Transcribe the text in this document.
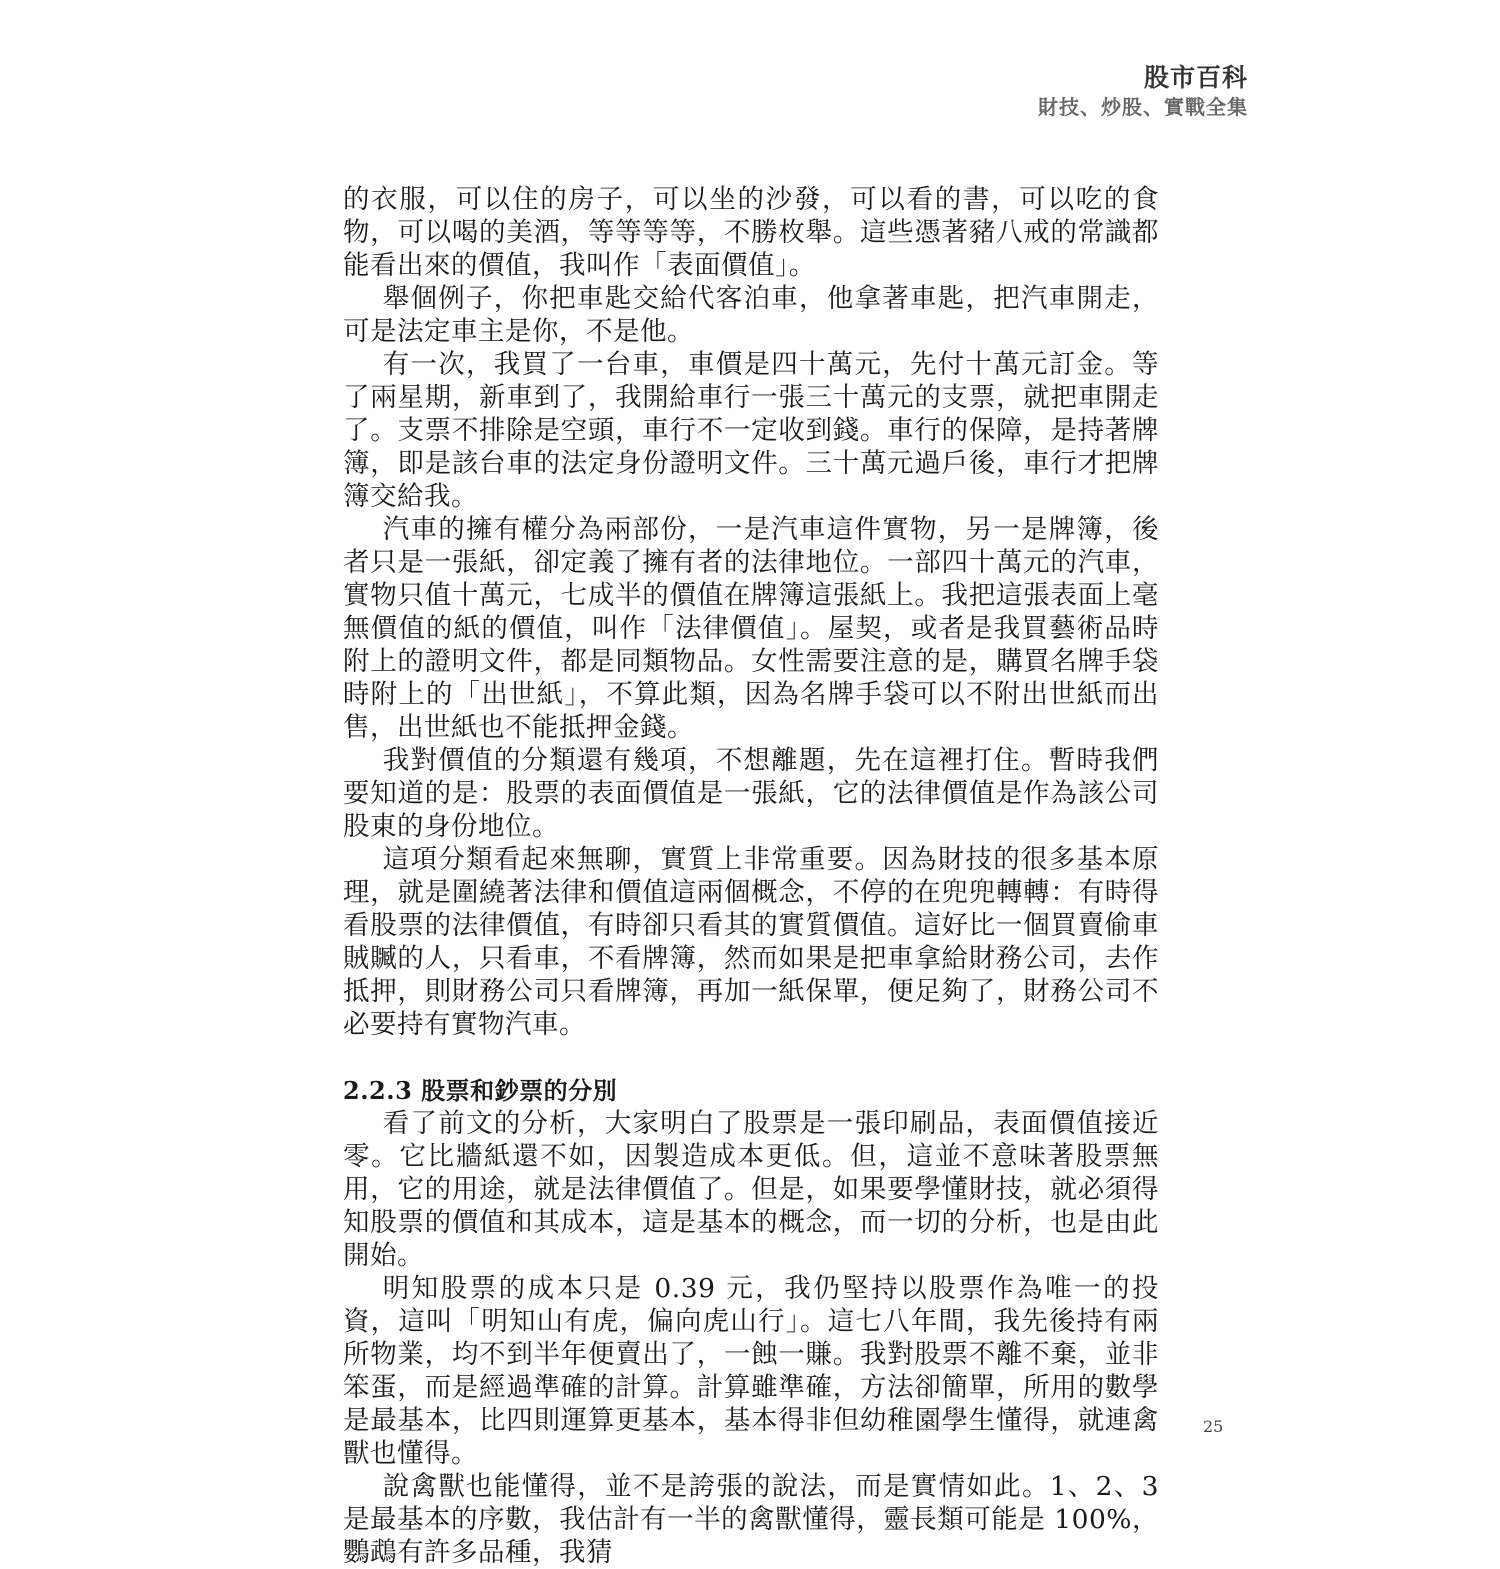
股市百科
財技、炒股、實戰全集

的衣服，可以住的房子，可以坐的沙發，可以看的書，可以吃的食物，可以喝的美酒，等等等等，不勝枚舉。這些憑著豬八戒的常識都能看出來的價值，我叫作「表面價值」。

舉個例子，你把車匙交給代客泊車，他拿著車匙，把汽車開走，可是法定車主是你，不是他。

有一次，我買了一台車，車價是四十萬元，先付十萬元訂金。等了兩星期，新車到了，我開給車行一張三十萬元的支票，就把車開走了。支票不排除是空頭，車行不一定收到錢。車行的保障，是持著牌簿，即是該台車的法定身份證明文件。三十萬元過戶後，車行才把牌簿交給我。

汽車的擁有權分為兩部份，一是汽車這件實物，另一是牌簿，後者只是一張紙，卻定義了擁有者的法律地位。一部四十萬元的汽車，實物只值十萬元，七成半的價值在牌簿這張紙上。我把這張表面上毫無價值的紙的價值，叫作「法律價值」。屋契，或者是我買藝術品時附上的證明文件，都是同類物品。女性需要注意的是，購買名牌手袋時附上的「出世紙」，不算此類，因為名牌手袋可以不附出世紙而出售，出世紙也不能抵押金錢。

我對價值的分類還有幾項，不想離題，先在這裡打住。暫時我們要知道的是：股票的表面價值是一張紙，它的法律價值是作為該公司股東的身份地位。

這項分類看起來無聊，實質上非常重要。因為財技的很多基本原理，就是圍繞著法律和價值這兩個概念，不停的在兜兜轉轉：有時得看股票的法律價值，有時卻只看其的實質價值。這好比一個買賣偷車賊贓的人，只看車，不看牌簿，然而如果是把車拿給財務公司，去作抵押，則財務公司只看牌簿，再加一紙保單，便足夠了，財務公司不必要持有實物汽車。

2.2.3 股票和鈔票的分別

看了前文的分析，大家明白了股票是一張印刷品，表面價值接近零。它比牆紙還不如，因製造成本更低。但，這並不意味著股票無用，它的用途，就是法律價值了。但是，如果要學懂財技，就必須得知股票的價值和其成本，這是基本的概念，而一切的分析，也是由此開始。

明知股票的成本只是 0.39 元，我仍堅持以股票作為唯一的投資，這叫「明知山有虎，偏向虎山行」。這七八年間，我先後持有兩所物業，均不到半年便賣出了，一蝕一賺。我對股票不離不棄，並非笨蛋，而是經過準確的計算。計算雖準確，方法卻簡單，所用的數學是最基本，比四則運算更基本，基本得非但幼稚園學生懂得，就連禽獸也懂得。

說禽獸也能懂得，並不是誇張的說法，而是實情如此。1、2、3 是最基本的序數，我估計有一半的禽獸懂得，靈長類可能是 100%，鸚鵡有許多品種，我猜

25
